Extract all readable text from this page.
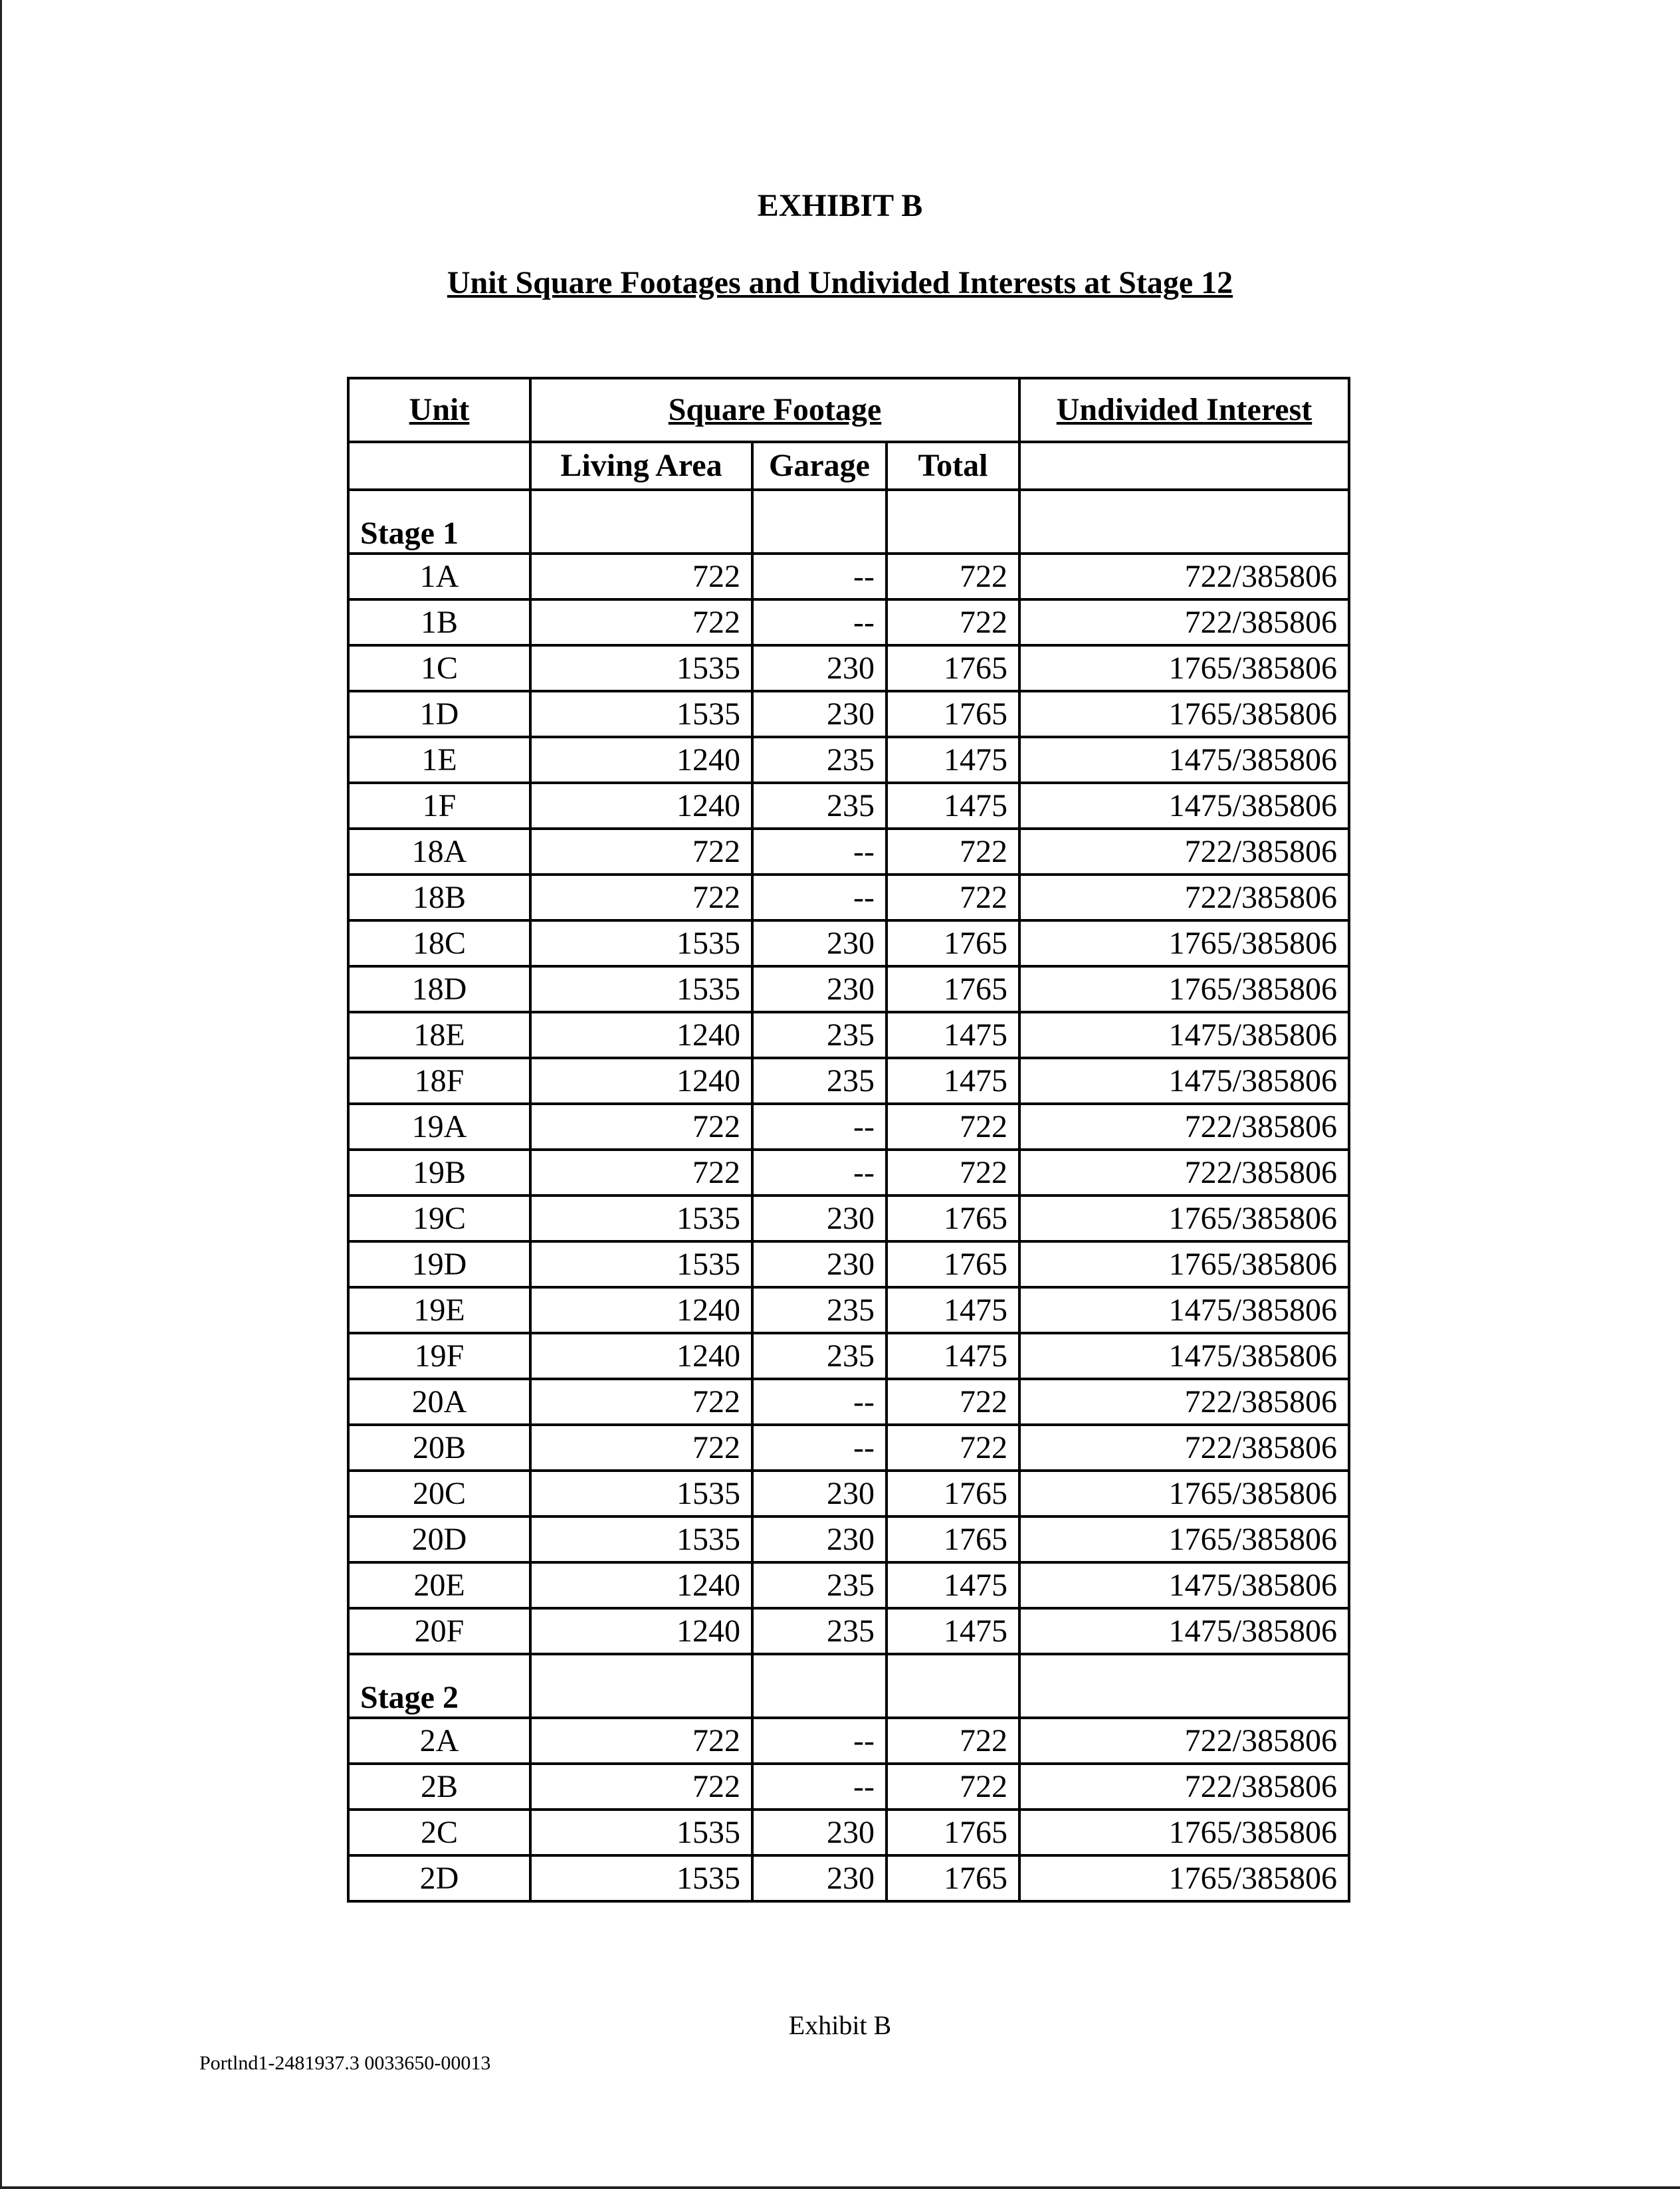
EXHIBIT B
Unit Square Footages and Undivided Interests at Stage 12
Unit	Square Footage			Undivided Interest
	Living Area	Garage	Total	
Stage 1				
1A	722	--	722	722/385806
1B	722	--	722	722/385806
1C	1535	230	1765	1765/385806
1D	1535	230	1765	1765/385806
1E	1240	235	1475	1475/385806
1F	1240	235	1475	1475/385806
18A	722	--	722	722/385806
18B	722	--	722	722/385806
18C	1535	230	1765	1765/385806
18D	1535	230	1765	1765/385806
18E	1240	235	1475	1475/385806
18F	1240	235	1475	1475/385806
19A	722	--	722	722/385806
19B	722	--	722	722/385806
19C	1535	230	1765	1765/385806
19D	1535	230	1765	1765/385806
19E	1240	235	1475	1475/385806
19F	1240	235	1475	1475/385806
20A	722	--	722	722/385806
20B	722	--	722	722/385806
20C	1535	230	1765	1765/385806
20D	1535	230	1765	1765/385806
20E	1240	235	1475	1475/385806
20F	1240	235	1475	1475/385806
Stage 2				
2A	722	--	722	722/385806
2B	722	--	722	722/385806
2C	1535	230	1765	1765/385806
2D	1535	230	1765	1765/385806
Exhibit B
Portlnd1-2481937.3 0033650-00013
